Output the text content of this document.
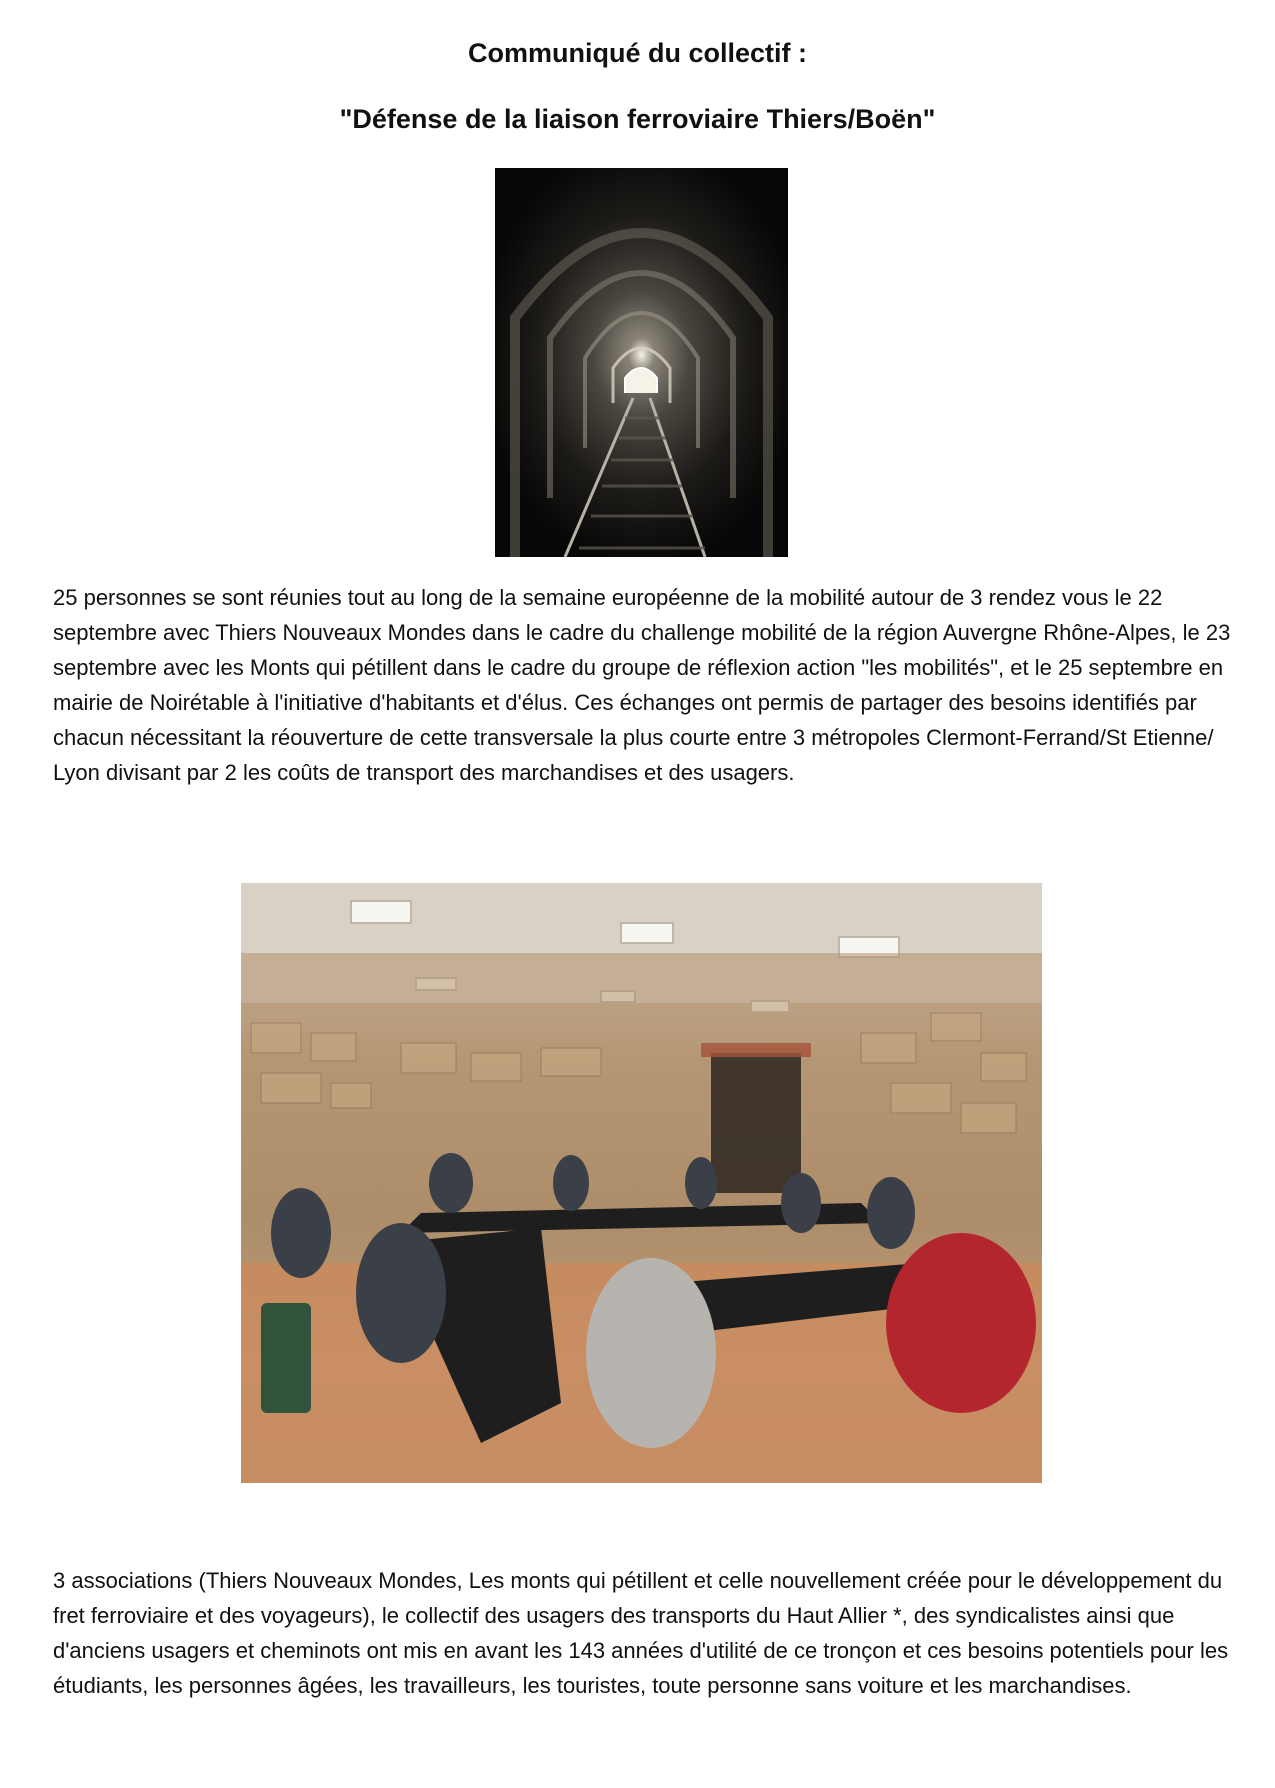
Communiqué du collectif :
"Défense de la liaison ferroviaire Thiers/Boën"

25 personnes se sont réunies tout au long de la semaine européenne de la mobilité autour de 3 rendez vous le 22 septembre avec Thiers Nouveaux Mondes dans le cadre du challenge mobilité de la région Auvergne Rhône-Alpes, le 23 septembre avec les Monts qui pétillent dans le cadre du groupe de réflexion action "les mobilités", et le 25 septembre en mairie de Noirétable à l'initiative d'habitants et d'élus. Ces échanges ont permis de partager des besoins identifiés par chacun nécessitant la réouverture de cette transversale la plus courte entre 3 métropoles Clermont-Ferrand/St Etienne/ Lyon divisant par 2 les coûts de transport des marchandises et des usagers.

3 associations (Thiers Nouveaux Mondes, Les monts qui pétillent et celle nouvellement créée pour le développement du fret ferroviaire et des voyageurs), le collectif des usagers des transports du Haut Allier *, des syndicalistes ainsi que d'anciens usagers et cheminots ont mis en avant les 143 années d'utilité de ce tronçon et ces besoins potentiels pour les étudiants, les personnes âgées, les travailleurs, les touristes, toute personne sans voiture et les marchandises.
